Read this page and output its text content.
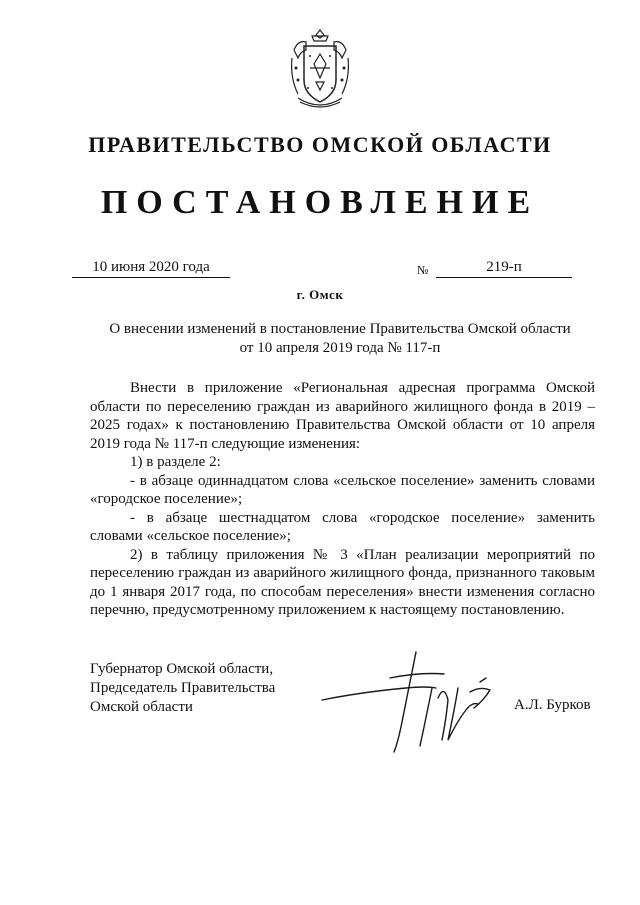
ПРАВИТЕЛЬСТВО ОМСКОЙ ОБЛАСТИ
ПОСТАНОВЛЕНИЕ
10 июня 2020 года	№	219-п
г. Омск
О внесении изменений в постановление Правительства Омской области
от 10 апреля 2019 года № 117-п

Внести в приложение «Региональная адресная программа Омской области по переселению граждан из аварийного жилищного фонда в 2019 – 2025 годах» к постановлению Правительства Омской области от 10 апреля 2019 года № 117-п следующие изменения:

1) в разделе 2:

- в абзаце одиннадцатом слова «сельское поселение» заменить словами «городское поселение»;

- в абзаце шестнадцатом слова «городское поселение» заменить словами «сельское поселение»;

2) в таблицу приложения № 3 «План реализации мероприятий по переселению граждан из аварийного жилищного фонда, признанного таковым до 1 января 2017 года, по способам переселения» внести изменения согласно перечню, предусмотренному приложением к настоящему постановлению.

Губернатор Омской области,
Председатель Правительства
Омской области	А.Л. Бурков
